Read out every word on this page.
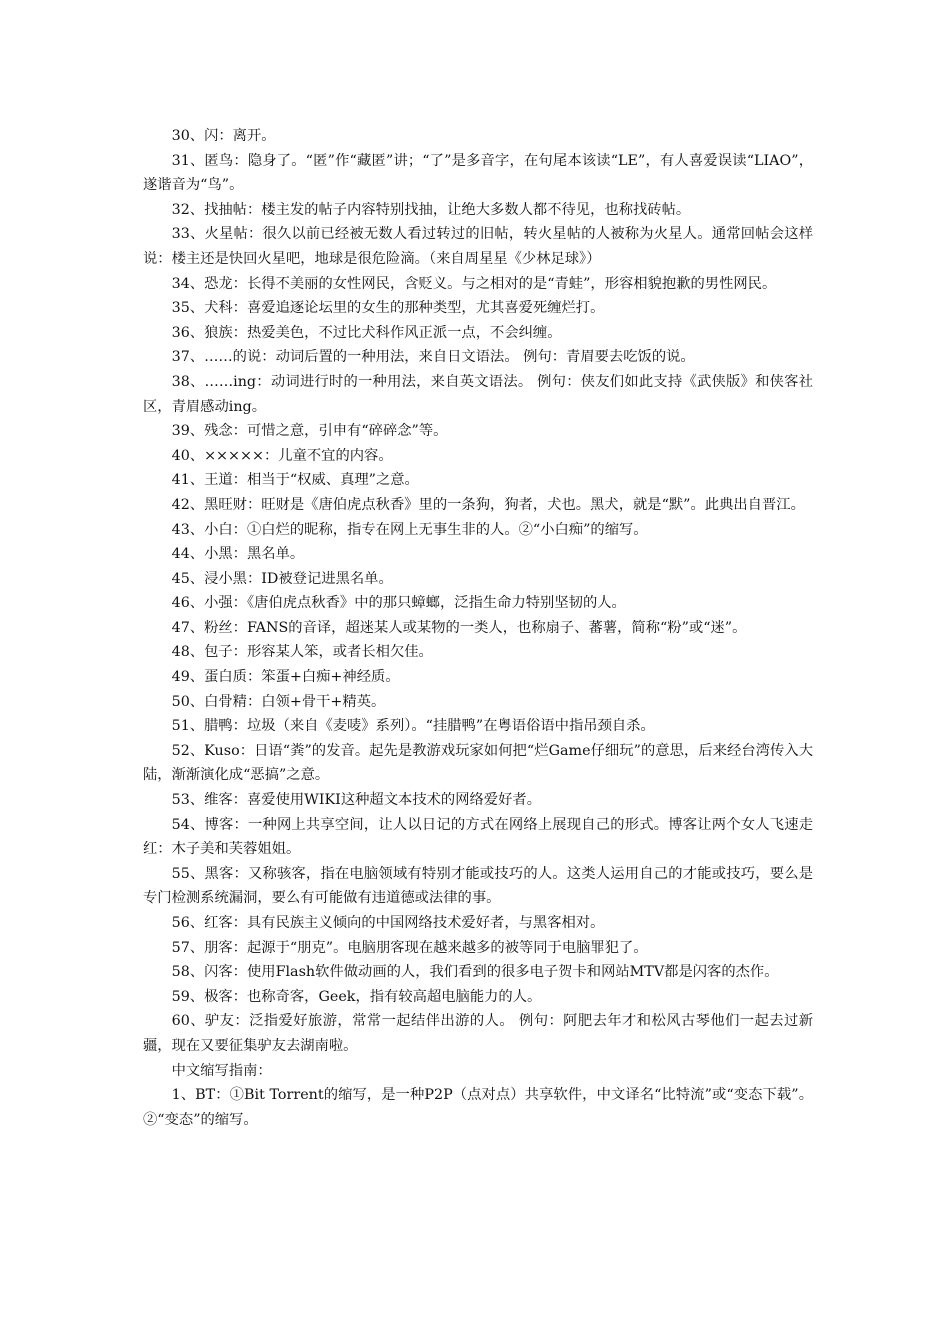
30、闪：离开。

31、匿鸟：隐身了。“匿”作“藏匿”讲；“了”是多音字，在句尾本该读“LE”，有人喜爱误读“LIAO”，遂谐音为“鸟”。

32、找抽帖：楼主发的帖子内容特别找抽，让绝大多数人都不待见，也称找砖帖。

33、火星帖：很久以前已经被无数人看过转过的旧帖，转火星帖的人被称为火星人。通常回帖会这样说：楼主还是快回火星吧，地球是很危险滴。（来自周星星《少林足球》）

34、恐龙：长得不美丽的女性网民，含贬义。与之相对的是“青蛙”，形容相貌抱歉的男性网民。

35、犬科：喜爱追逐论坛里的女生的那种类型，尤其喜爱死缠烂打。

36、狼族：热爱美色，不过比犬科作风正派一点，不会纠缠。

37、……的说：动词后置的一种用法，来自日文语法。 例句：青眉要去吃饭的说。

38、……ing：动词进行时的一种用法，来自英文语法。 例句：侠友们如此支持《武侠版》和侠客社区，青眉感动ing。

39、残念：可惜之意，引申有“碎碎念”等。

40、×××××：儿童不宜的内容。

41、王道：相当于“权威、真理”之意。

42、黑旺财：旺财是《唐伯虎点秋香》里的一条狗，狗者，犬也。黑犬，就是“默”。此典出自晋江。

43、小白：①白烂的昵称，指专在网上无事生非的人。②“小白痴”的缩写。

44、小黑：黑名单。

45、浸小黑：ID被登记进黑名单。

46、小强：《唐伯虎点秋香》中的那只蟑螂，泛指生命力特别坚韧的人。

47、粉丝：FANS的音译，超迷某人或某物的一类人，也称扇子、蕃薯，简称“粉”或“迷”。

48、包子：形容某人笨，或者长相欠佳。

49、蛋白质：笨蛋+白痴+神经质。

50、白骨精：白领+骨干+精英。

51、腊鸭：垃圾（来自《麦唛》系列）。“挂腊鸭”在粤语俗语中指吊颈自杀。

52、Kuso：日语“粪”的发音。起先是教游戏玩家如何把“烂Game仔细玩”的意思，后来经台湾传入大陆，渐渐演化成“恶搞”之意。

53、维客：喜爱使用WIKI这种超文本技术的网络爱好者。

54、博客：一种网上共享空间，让人以日记的方式在网络上展现自己的形式。博客让两个女人飞速走红：木子美和芙蓉姐姐。

55、黑客：又称骇客，指在电脑领域有特别才能或技巧的人。这类人运用自己的才能或技巧，要么是专门检测系统漏洞，要么有可能做有违道德或法律的事。

56、红客：具有民族主义倾向的中国网络技术爱好者，与黑客相对。

57、朋客：起源于“朋克”。电脑朋客现在越来越多的被等同于电脑罪犯了。

58、闪客：使用Flash软件做动画的人，我们看到的很多电子贺卡和网站MTV都是闪客的杰作。

59、极客：也称奇客，Geek，指有较高超电脑能力的人。

60、驴友：泛指爱好旅游，常常一起结伴出游的人。 例句：阿肥去年才和松风古琴他们一起去过新疆，现在又要征集驴友去湖南啦。

中文缩写指南：

1、BT：①Bit Torrent的缩写，是一种P2P（点对点）共享软件，中文译名“比特流”或“变态下载”。②“变态”的缩写。
